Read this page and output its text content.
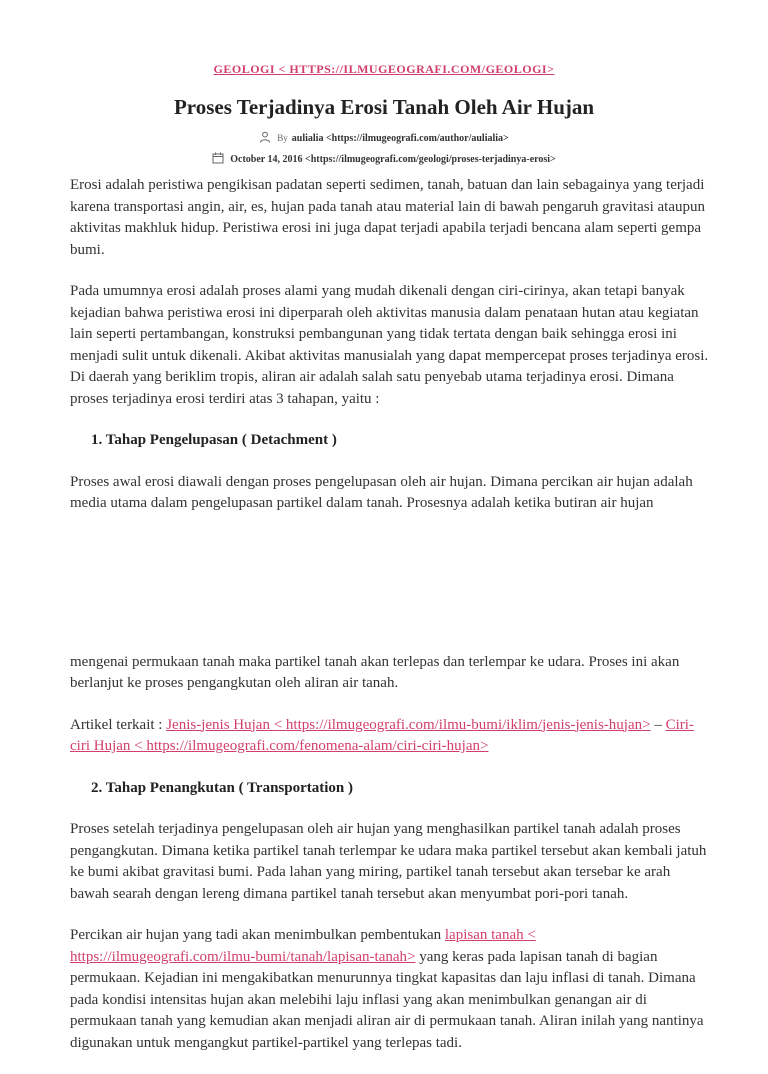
GEOLOGI < HTTPS://ILMUGEOGRAFI.COM/GEOLOGI>
Proses Terjadinya Erosi Tanah Oleh Air Hujan
By aulialia <https://ilmugeografi.com/author/aulialia>
October 14, 2016 <https://ilmugeografi.com/geologi/proses-terjadinya-erosi>

Erosi adalah peristiwa pengikisan padatan seperti sedimen, tanah, batuan dan lain sebagainya yang terjadi karena transportasi angin, air, es, hujan pada tanah atau material lain di bawah pengaruh gravitasi ataupun aktivitas makhluk hidup. Peristiwa erosi ini juga dapat terjadi apabila terjadi bencana alam seperti gempa bumi.

Pada umumnya erosi adalah proses alami yang mudah dikenali dengan ciri-cirinya, akan tetapi banyak kejadian bahwa peristiwa erosi ini diperparah oleh aktivitas manusia dalam penataan hutan atau kegiatan lain seperti pertambangan, konstruksi pembangunan yang tidak tertata dengan baik sehingga erosi ini menjadi sulit untuk dikenali. Akibat aktivitas manusialah yang dapat mempercepat proses terjadinya erosi. Di daerah yang beriklim tropis, aliran air adalah salah satu penyebab utama terjadinya erosi. Dimana proses terjadinya erosi terdiri atas 3 tahapan, yaitu :

1. Tahap Pengelupasan ( Detachment )

Proses awal erosi diawali dengan proses pengelupasan oleh air hujan. Dimana percikan air hujan adalah media utama dalam pengelupasan partikel dalam tanah. Prosesnya adalah ketika butiran air hujan

mengenai permukaan tanah maka partikel tanah akan terlepas dan terlempar ke udara. Proses ini akan berlanjut ke proses pengangkutan oleh aliran air tanah.

Artikel terkait : Jenis-jenis Hujan < https://ilmugeografi.com/ilmu-bumi/iklim/jenis-jenis-hujan> – Ciri-ciri Hujan < https://ilmugeografi.com/fenomena-alam/ciri-ciri-hujan>

2. Tahap Penangkutan ( Transportation )

Proses setelah terjadinya pengelupasan oleh air hujan yang menghasilkan partikel tanah adalah proses pengangkutan. Dimana ketika partikel tanah terlempar ke udara maka partikel tersebut akan kembali jatuh ke bumi akibat gravitasi bumi. Pada lahan yang miring, partikel tanah tersebut akan tersebar ke arah bawah searah dengan lereng dimana partikel tanah tersebut akan menyumbat pori-pori tanah.

Percikan air hujan yang tadi akan menimbulkan pembentukan lapisan tanah < https://ilmugeografi.com/ilmu-bumi/tanah/lapisan-tanah> yang keras pada lapisan tanah di bagian permukaan. Kejadian ini mengakibatkan menurunnya tingkat kapasitas dan laju inflasi di tanah. Dimana pada kondisi intensitas hujan akan melebihi laju inflasi yang akan menimbulkan genangan air di permukaan tanah yang kemudian akan menjadi aliran air di permukaan tanah. Aliran inilah yang nantinya digunakan untuk mengangkut partikel-partikel yang terlepas tadi.
